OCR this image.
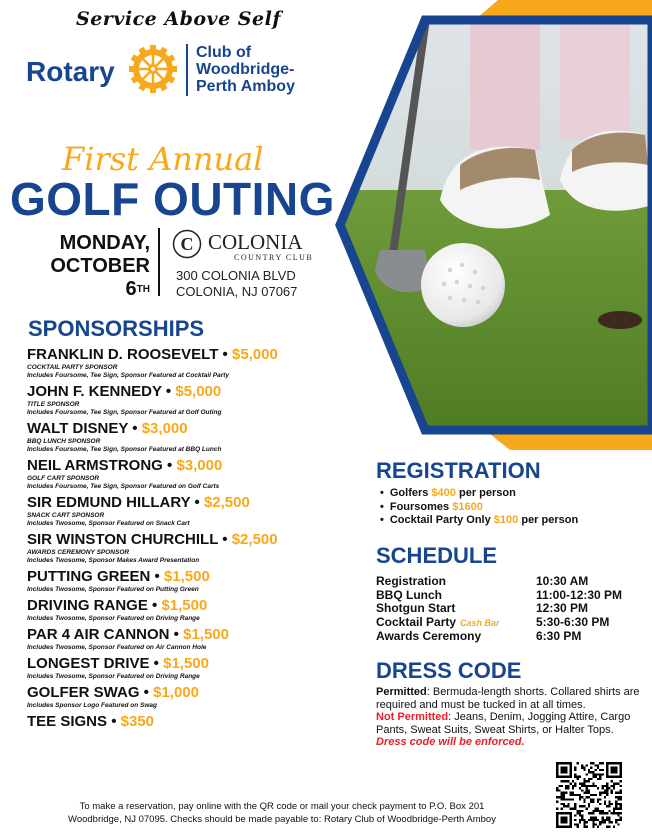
Service Above Self
Rotary
Club of
Woodbridge-
Perth Amboy
First Annual
GOLF OUTING
MONDAY,
OCTOBER
6TH
C COLONIA
COUNTRY CLUB
300 COLONIA BLVD
COLONIA, NJ 07067
SPONSORSHIPS
FRANKLIN D. ROOSEVELT • $5,000
COCKTAIL PARTY SPONSOR
Includes Foursome, Tee Sign, Sponsor Featured at Cocktail Party
JOHN F. KENNEDY • $5,000
TITLE SPONSOR
Includes Foursome, Tee Sign, Sponsor Featured at Golf Outing
WALT DISNEY • $3,000
BBQ LUNCH SPONSOR
Includes Foursome, Tee Sign, Sponsor Featured at BBQ Lunch
NEIL ARMSTRONG • $3,000
GOLF CART SPONSOR
Includes Foursome, Tee Sign, Sponsor Featured on Golf Carts
SIR EDMUND HILLARY • $2,500
SNACK CART SPONSOR
Includes Twosome, Sponsor Featured on Snack Cart
SIR WINSTON CHURCHILL • $2,500
AWARDS CEREMONY SPONSOR
Includes Twosome, Sponsor Makes Award Presentation
PUTTING GREEN • $1,500
Includes Twosome, Sponsor Featured on Putting Green
DRIVING RANGE • $1,500
Includes Twosome, Sponsor Featured on Driving Range
PAR 4 AIR CANNON • $1,500
Includes Twosome, Sponsor Featured on Air Cannon Hole
LONGEST DRIVE • $1,500
Includes Twosome, Sponsor Featured on Driving Range
GOLFER SWAG • $1,000
Includes Sponsor Logo Featured on Swag
TEE SIGNS • $350
REGISTRATION
• Golfers $400 per person
• Foursomes $1600
• Cocktail Party Only $100 per person
SCHEDULE
Registration	10:30 AM
BBQ Lunch	11:00-12:30 PM
Shotgun Start	12:30 PM
Cocktail Party Cash Bar	5:30-6:30 PM
Awards Ceremony	6:30 PM
DRESS CODE
Permitted: Bermuda-length shorts. Collared shirts are required and must be tucked in at all times.
Not Permitted: Jeans, Denim, Jogging Attire, Cargo Pants, Sweat Suits, Sweat Shirts, or Halter Tops.
Dress code will be enforced.
To make a reservation, pay online with the QR code or mail your check payment to P.O. Box 201
Woodbridge, NJ 07095. Checks should be made payable to: Rotary Club of Woodbridge-Perth Amboy
